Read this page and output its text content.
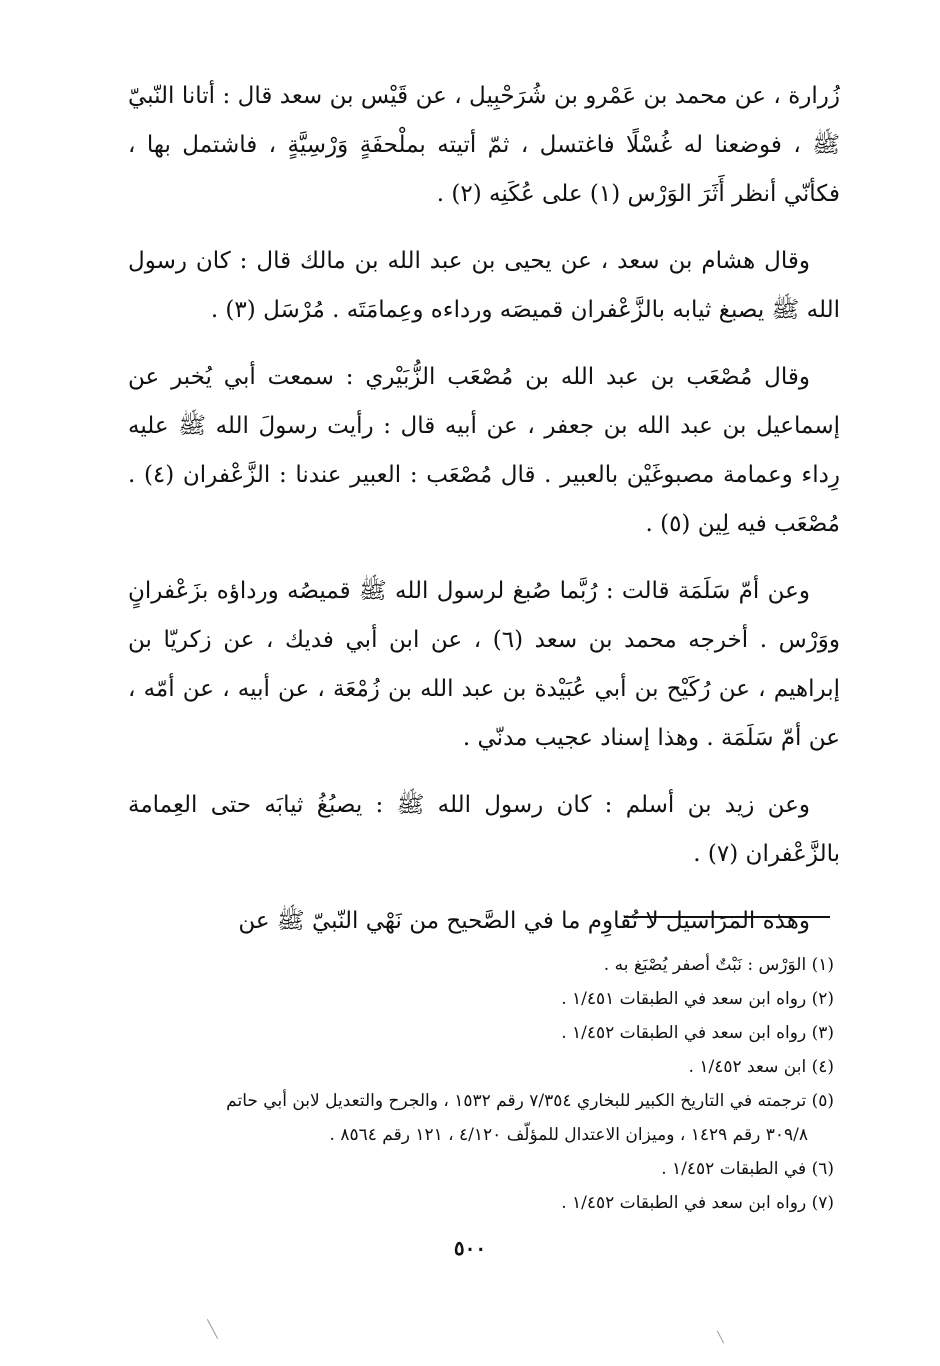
زُرارة ، عن محمد بن عَمْرو بن شُرَحْبِيل ، عن قَيْس بن سعد قال : أتانا النّبيّ ﷺ ، فوضعنا له غُسْلًا فاغتسل ، ثمّ أتيته بملْحفَةٍ وَرْسِيَّةٍ ، فاشتمل بها ، فكأنّي أنظر أَثَرَ الوَرْس (١) على عُكَنِه (٢) .

وقال هشام بن سعد ، عن يحيى بن عبد الله بن مالك قال : كان رسول الله ﷺ يصبغ ثيابه بالزَّعْفران قميصَه ورداءه وعِمامَتَه . مُرْسَل (٣) .

وقال مُصْعَب بن عبد الله بن مُصْعَب الزُّبَيْري : سمعت أبي يُخبر عن إسماعيل بن عبد الله بن جعفر ، عن أبيه قال : رأيت رسولَ الله ﷺ عليه رِداء وعمامة مصبوغَيْن بالعبير . قال مُصْعَب : العبير عندنا : الزَّعْفران (٤) . مُصْعَب فيه لِين (٥) .

وعن أمّ سَلَمَة قالت : رُبَّما صُبغ لرسول الله ﷺ قميصُه ورداؤه بزَعْفرانٍ ووَرْس . أخرجه محمد بن سعد (٦) ، عن ابن أبي فديك ، عن زكريّا بن إبراهيم ، عن رُكَيْح بن أبي عُبَيْدة بن عبد الله بن زُمْعَة ، عن أبيه ، عن أمّه ، عن أمّ سَلَمَة . وهذا إسناد عجيب مدنّي .

وعن زيد بن أسلم : كان رسول الله ﷺ : يصبُغُ ثيابَه حتى العِمامة بالزَّعْفران (٧) .

وهذه المَرَاسيل لا تُقاوِم ما في الصَّحيح من نَهْي النّبيّ ﷺ عن

(١) الوَرْس : نَبْتٌ أصفر يُصْبَغ به .

(٢) رواه ابن سعد في الطبقات ١/٤٥١ .

(٣) رواه ابن سعد في الطبقات ١/٤٥٢ .

(٤) ابن سعد ١/٤٥٢ .

(٥) ترجمته في التاريخ الكبير للبخاري ٧/٣٥٤ رقم ١٥٣٢ ، والجرح والتعديل لابن أبي حاتم

٣٠٩/٨ رقم ١٤٢٩ ، وميزان الاعتدال للمؤلّف ٤/١٢٠ ، ١٢١ رقم ٨٥٦٤ .

(٦) في الطبقات ١/٤٥٢ .

(٧) رواه ابن سعد في الطبقات ١/٤٥٢ .

٥٠٠
